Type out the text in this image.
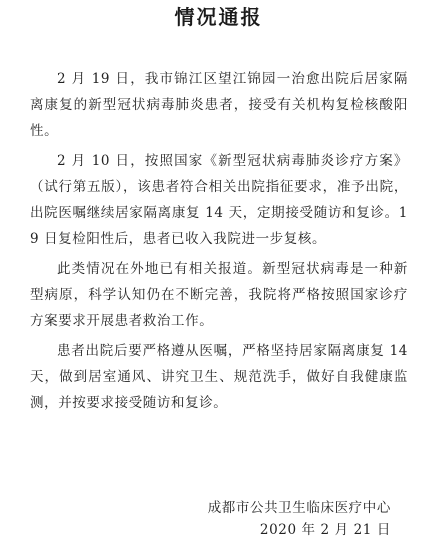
情况通报

2 月 19 日，我市锦江区望江锦园一治愈出院后居家隔离康复的新型冠状病毒肺炎患者，接受有关机构复检核酸阳性。

2 月 10 日，按照国家《新型冠状病毒肺炎诊疗方案》（试行第五版），该患者符合相关出院指征要求，准予出院，出院医嘱继续居家隔离康复 14 天，定期接受随访和复诊。19 日复检阳性后，患者已收入我院进一步复核。

此类情况在外地已有相关报道。新型冠状病毒是一种新型病原，科学认知仍在不断完善，我院将严格按照国家诊疗方案要求开展患者救治工作。

患者出院后要严格遵从医嘱，严格坚持居家隔离康复 14 天，做到居室通风、讲究卫生、规范洗手，做好自我健康监测，并按要求接受随访和复诊。

成都市公共卫生临床医疗中心
2020 年 2 月 21 日
